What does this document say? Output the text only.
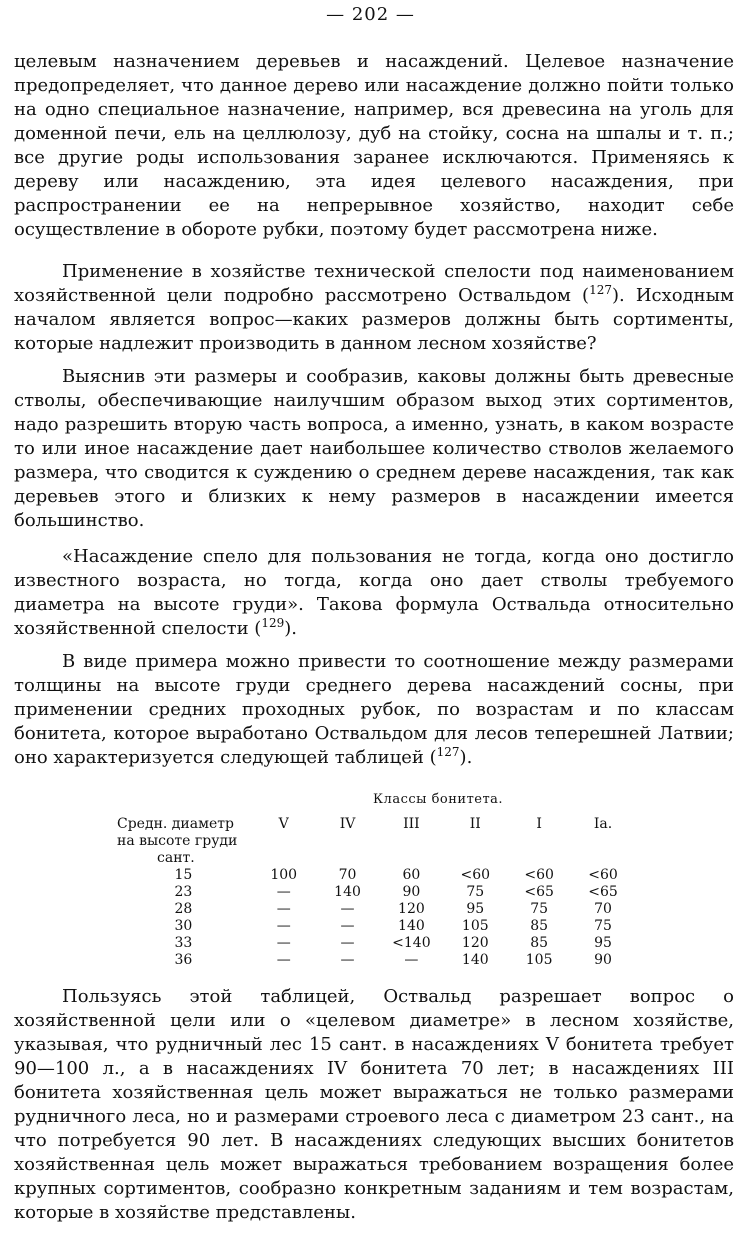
— 202 —

целевым назначением деревьев и насаждений. Целевое назначение предопределяет, что данное дерево или насаждение должно пойти только на одно специальное назначение, например, вся древесина на уголь для доменной печи, ель на целлюлозу, дуб на стойку, сосна на шпалы и т. п.; все другие роды использования заранее исключаются. Применяясь к дереву или насаждению, эта идея целевого насаждения, при распространении ее на непрерывное хозяйство, находит себе осуществление в обороте рубки, поэтому будет рассмотрена ниже.

Применение в хозяйстве технической спелости под наименованием хозяйственной цели подробно рассмотрено Оствальдом ($^{127}$). Исходным началом является вопрос—каких размеров должны быть сортименты, которые надлежит производить в данном лесном хозяйстве?

Выяснив эти размеры и сообразив, каковы должны быть древесные стволы, обеспечивающие наилучшим образом выход этих сортиментов, надо разрешить вторую часть вопроса, а именно, узнать, в каком возрасте то или иное насаждение дает наибольшее количество стволов желаемого размера, что сводится к суждению о среднем дереве насаждения, так как деревьев этого и близких к нему размеров в насаждении имеется большинство.

«Насаждение спело для пользования не тогда, когда оно достигло известного возраста, но тогда, когда оно дает стволы требуемого диаметра на высоте груди». Такова формула Оствальда относительно хозяйственной спелости ($^{129}$).

В виде примера можно привести то соотношение между размерами толщины на высоте груди среднего дерева насаждений сосны, при применении средних проходных рубок, по возрастам и по классам бонитета, которое выработано Оствальдом для лесов теперешней Латвии; оно характеризуется следующей таблицей ($^{127}$).

Классы бонитета.
Средн. диаметр	V	IV	III	II	I	Ia.
на высоте груди						
сант.						
15	100	70	60	<60	<60	<60
23	—	140	90	75	<65	<65
28	—	—	120	95	75	70
30	—	—	140	105	85	75
33	—	—	<140	120	85	95
36	—	—	—	140	105	90

Пользуясь этой таблицей, Оствальд разрешает вопрос о хозяйственной цели или о «целевом диаметре» в лесном хозяйстве, указывая, что рудничный лес 15 сант. в насаждениях V бонитета требует 90—100 л., а в насаждениях IV бонитета 70 лет; в насаждениях III бонитета хозяйственная цель может выражаться не только размерами рудничного леса, но и размерами строевого леса с диаметром 23 сант., на что потребуется 90 лет. В насаждениях следующих высших бонитетов хозяйственная цель может выражаться требованием возращения более крупных сортиментов, сообразно конкретным заданиям и тем возрастам, которые в хозяйстве представлены.
